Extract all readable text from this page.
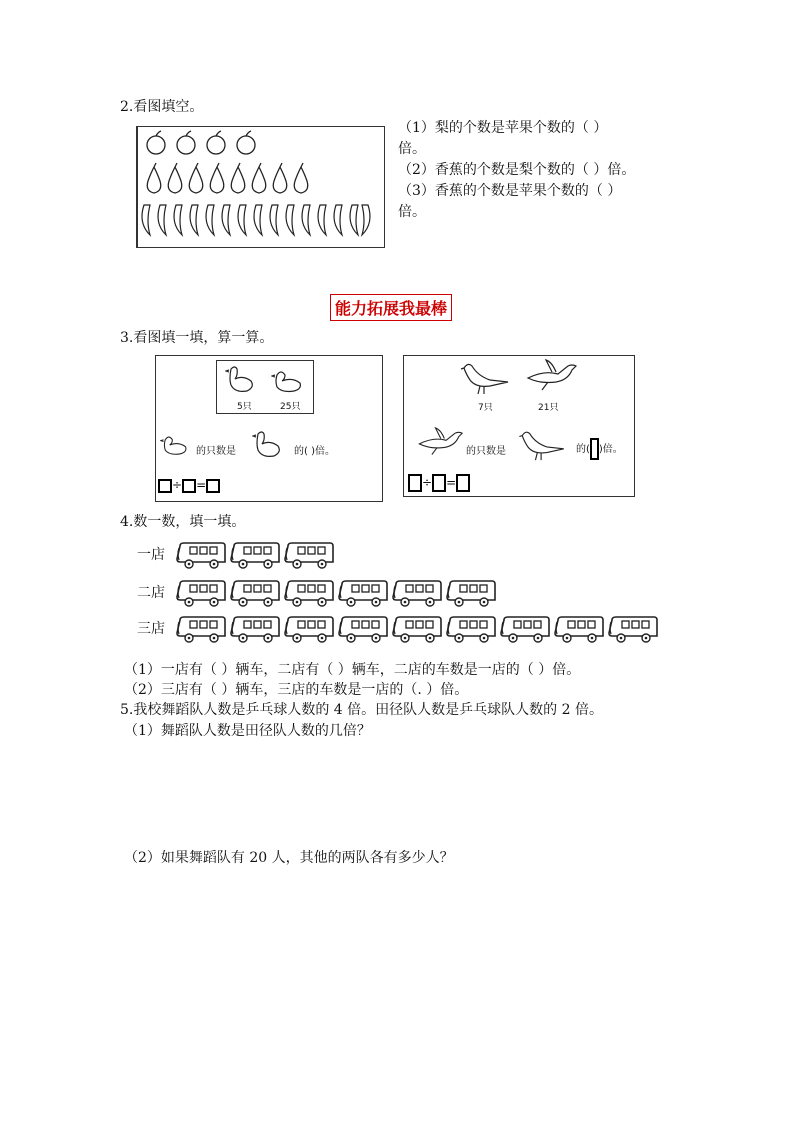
2.看图填空。
（1）梨的个数是苹果个数的（ ）
倍。
（2）香蕉的个数是梨个数的（ ）倍。
（3）香蕉的个数是苹果个数的（ ）
倍。
能力拓展我最棒
3.看图填一填，算一算。
5只	25只
的只数是	的( )倍。
÷ =
7只	21只
的只数是	的( )倍。
÷ =
4.数一数，填一填。
一店
二店
三店
（1）一店有（ ）辆车，二店有（ ）辆车，二店的车数是一店的（ ）倍。
（2）三店有（ ）辆车，三店的车数是一店的（. ）倍。
5.我校舞蹈队人数是乒乓球人数的 4 倍。田径队人数是乒乓球队人数的 2 倍。
（1）舞蹈队人数是田径队人数的几倍？
（2）如果舞蹈队有 20 人，其他的两队各有多少人？
